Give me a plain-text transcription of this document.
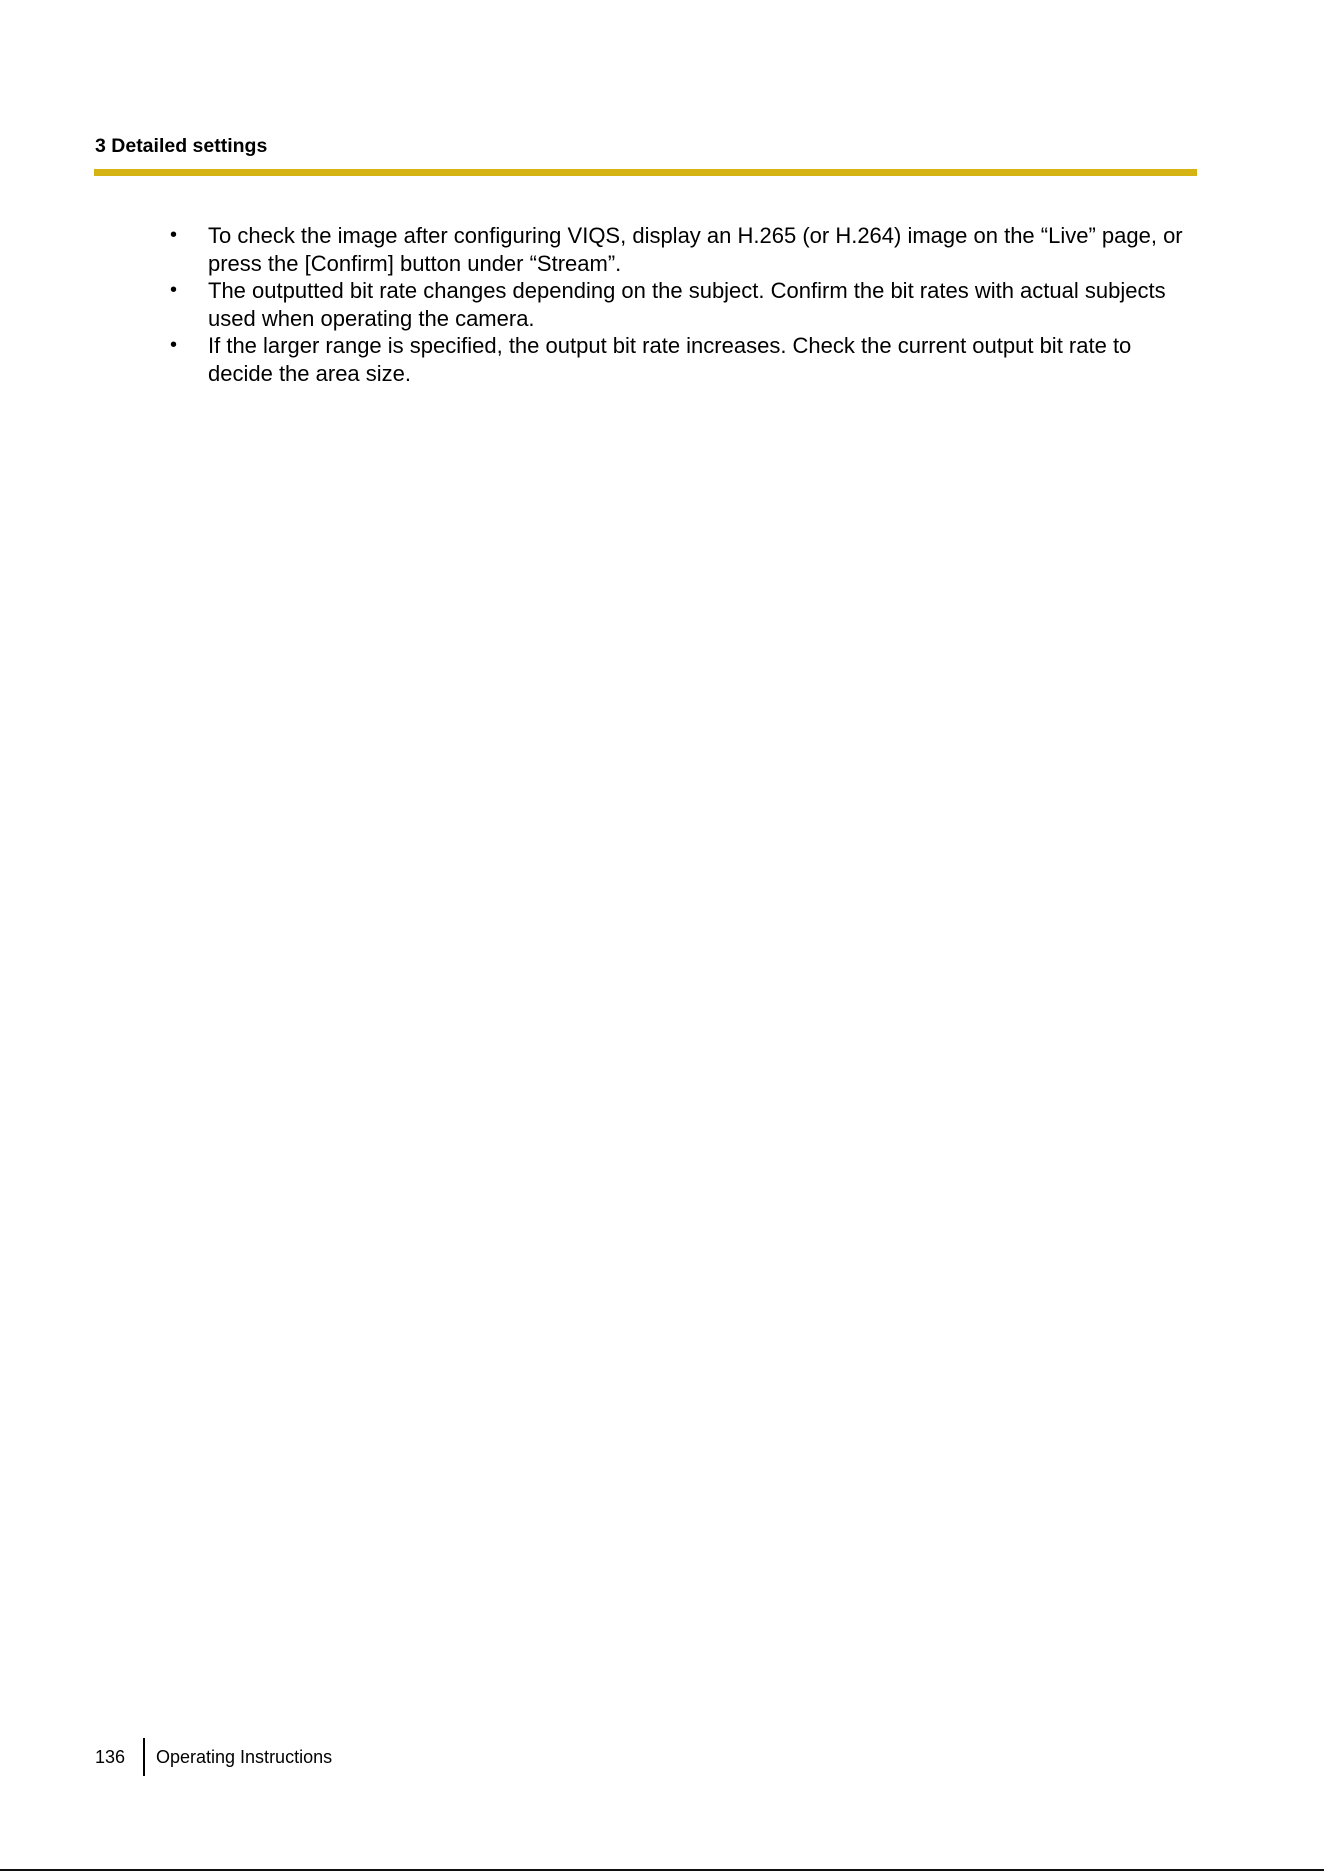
3 Detailed settings
• To check the image after configuring VIQS, display an H.265 (or H.264) image on the “Live” page, or press the [Confirm] button under “Stream”.
• The outputted bit rate changes depending on the subject. Confirm the bit rates with actual subjects used when operating the camera.
• If the larger range is specified, the output bit rate increases. Check the current output bit rate to decide the area size.
136	Operating Instructions
